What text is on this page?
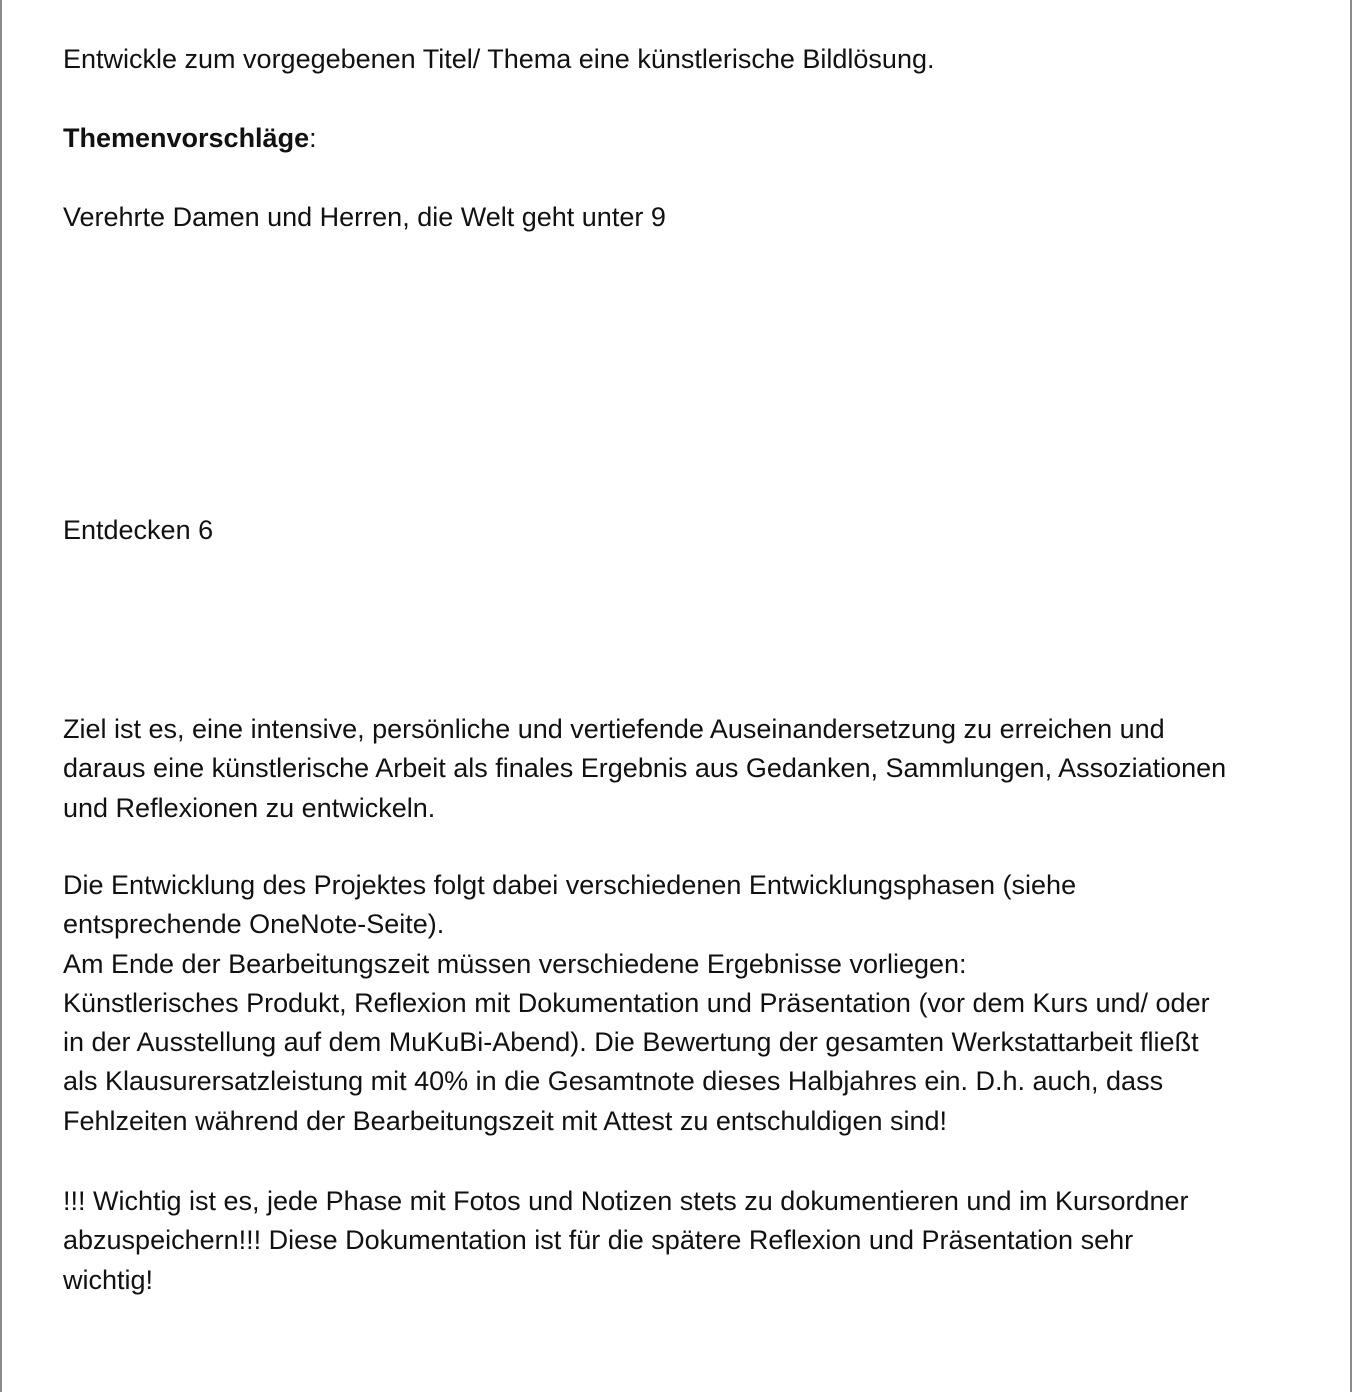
Entwickle zum vorgegebenen Titel/ Thema eine künstlerische Bildlösung.
Themenvorschläge:
Verehrte Damen und Herren, die Welt geht unter 9
Entdecken 6
Ziel ist es, eine intensive, persönliche und vertiefende Auseinandersetzung zu erreichen und
daraus eine künstlerische Arbeit als finales Ergebnis aus Gedanken, Sammlungen, Assoziationen
und Reflexionen zu entwickeln.
Die Entwicklung des Projektes folgt dabei verschiedenen Entwicklungsphasen (siehe
entsprechende OneNote-Seite).
Am Ende der Bearbeitungszeit müssen verschiedene Ergebnisse vorliegen:
Künstlerisches Produkt, Reflexion mit Dokumentation und Präsentation (vor dem Kurs und/ oder
in der Ausstellung auf dem MuKuBi-Abend). Die Bewertung der gesamten Werkstattarbeit fließt
als Klausurersatzleistung mit 40% in die Gesamtnote dieses Halbjahres ein. D.h. auch, dass
Fehlzeiten während der Bearbeitungszeit mit Attest zu entschuldigen sind!
!!! Wichtig ist es, jede Phase mit Fotos und Notizen stets zu dokumentieren und im Kursordner
abzuspeichern!!! Diese Dokumentation ist für die spätere Reflexion und Präsentation sehr
wichtig!
